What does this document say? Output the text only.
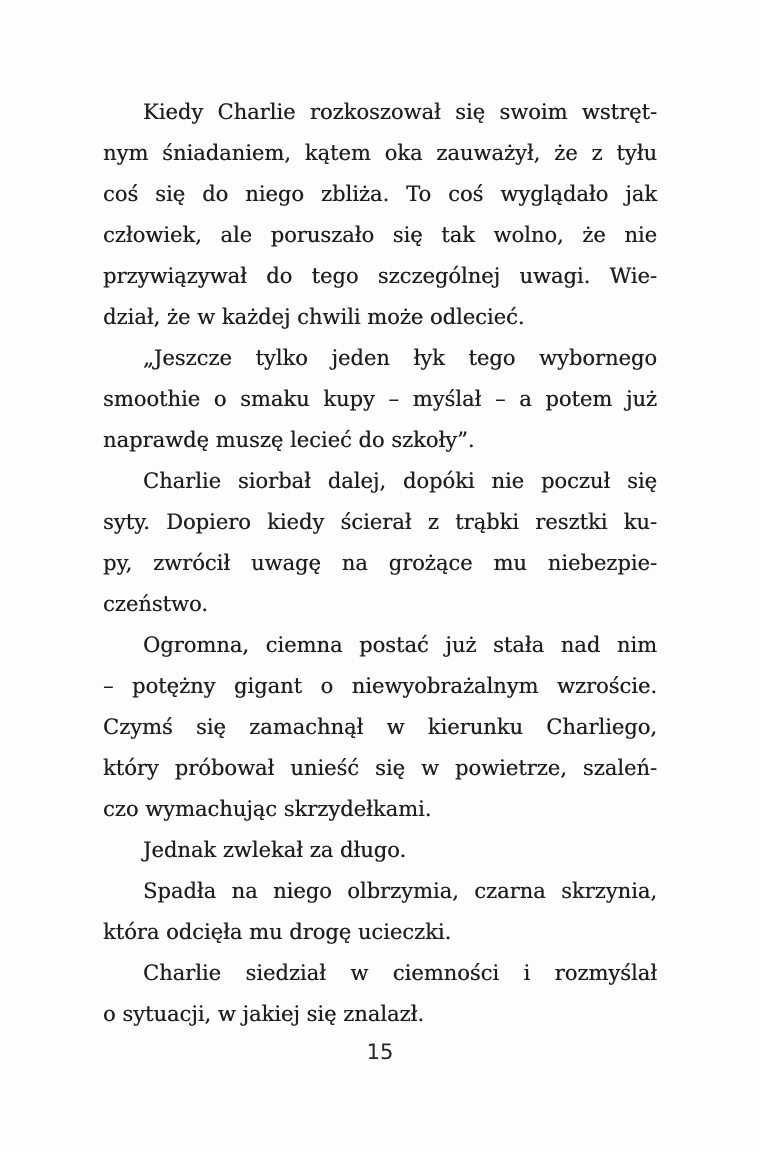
Kiedy Charlie rozkoszował się swoim wstręt-
nym śniadaniem, kątem oka zauważył, że z tyłu
coś się do niego zbliża. To coś wyglądało jak
człowiek, ale poruszało się tak wolno, że nie
przywiązywał do tego szczególnej uwagi. Wie-
dział, że w każdej chwili może odlecieć.
„Jeszcze tylko jeden łyk tego wybornego
smoothie o smaku kupy – myślał – a potem już
naprawdę muszę lecieć do szkoły”.
Charlie siorbał dalej, dopóki nie poczuł się
syty. Dopiero kiedy ścierał z trąbki resztki ku-
py, zwrócił uwagę na grożące mu niebezpie-
czeństwo.
Ogromna, ciemna postać już stała nad nim
– potężny gigant o niewyobrażalnym wzroście.
Czymś się zamachnął w kierunku Charliego,
który próbował unieść się w powietrze, szaleń-
czo wymachując skrzydełkami.
Jednak zwlekał za długo.
Spadła na niego olbrzymia, czarna skrzynia,
która odcięła mu drogę ucieczki.
Charlie siedział w ciemności i rozmyślał
o sytuacji, w jakiej się znalazł.
15
